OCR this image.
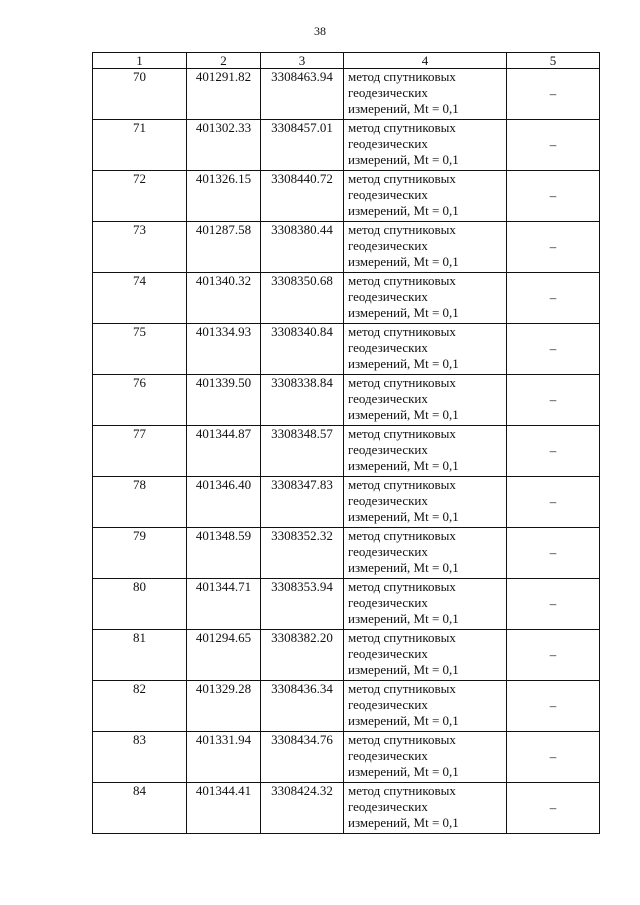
38
1	2	3	4	5
70	401291.82	3308463.94	метод спутниковых
геодезических
измерений, Mt = 0,1	–
71	401302.33	3308457.01	метод спутниковых
геодезических
измерений, Mt = 0,1	–
72	401326.15	3308440.72	метод спутниковых
геодезических
измерений, Mt = 0,1	–
73	401287.58	3308380.44	метод спутниковых
геодезических
измерений, Mt = 0,1	–
74	401340.32	3308350.68	метод спутниковых
геодезических
измерений, Mt = 0,1	–
75	401334.93	3308340.84	метод спутниковых
геодезических
измерений, Mt = 0,1	–
76	401339.50	3308338.84	метод спутниковых
геодезических
измерений, Mt = 0,1	–
77	401344.87	3308348.57	метод спутниковых
геодезических
измерений, Mt = 0,1	–
78	401346.40	3308347.83	метод спутниковых
геодезических
измерений, Mt = 0,1	–
79	401348.59	3308352.32	метод спутниковых
геодезических
измерений, Mt = 0,1	–
80	401344.71	3308353.94	метод спутниковых
геодезических
измерений, Mt = 0,1	–
81	401294.65	3308382.20	метод спутниковых
геодезических
измерений, Mt = 0,1	–
82	401329.28	3308436.34	метод спутниковых
геодезических
измерений, Mt = 0,1	–
83	401331.94	3308434.76	метод спутниковых
геодезических
измерений, Mt = 0,1	–
84	401344.41	3308424.32	метод спутниковых
геодезических
измерений, Mt = 0,1	–
